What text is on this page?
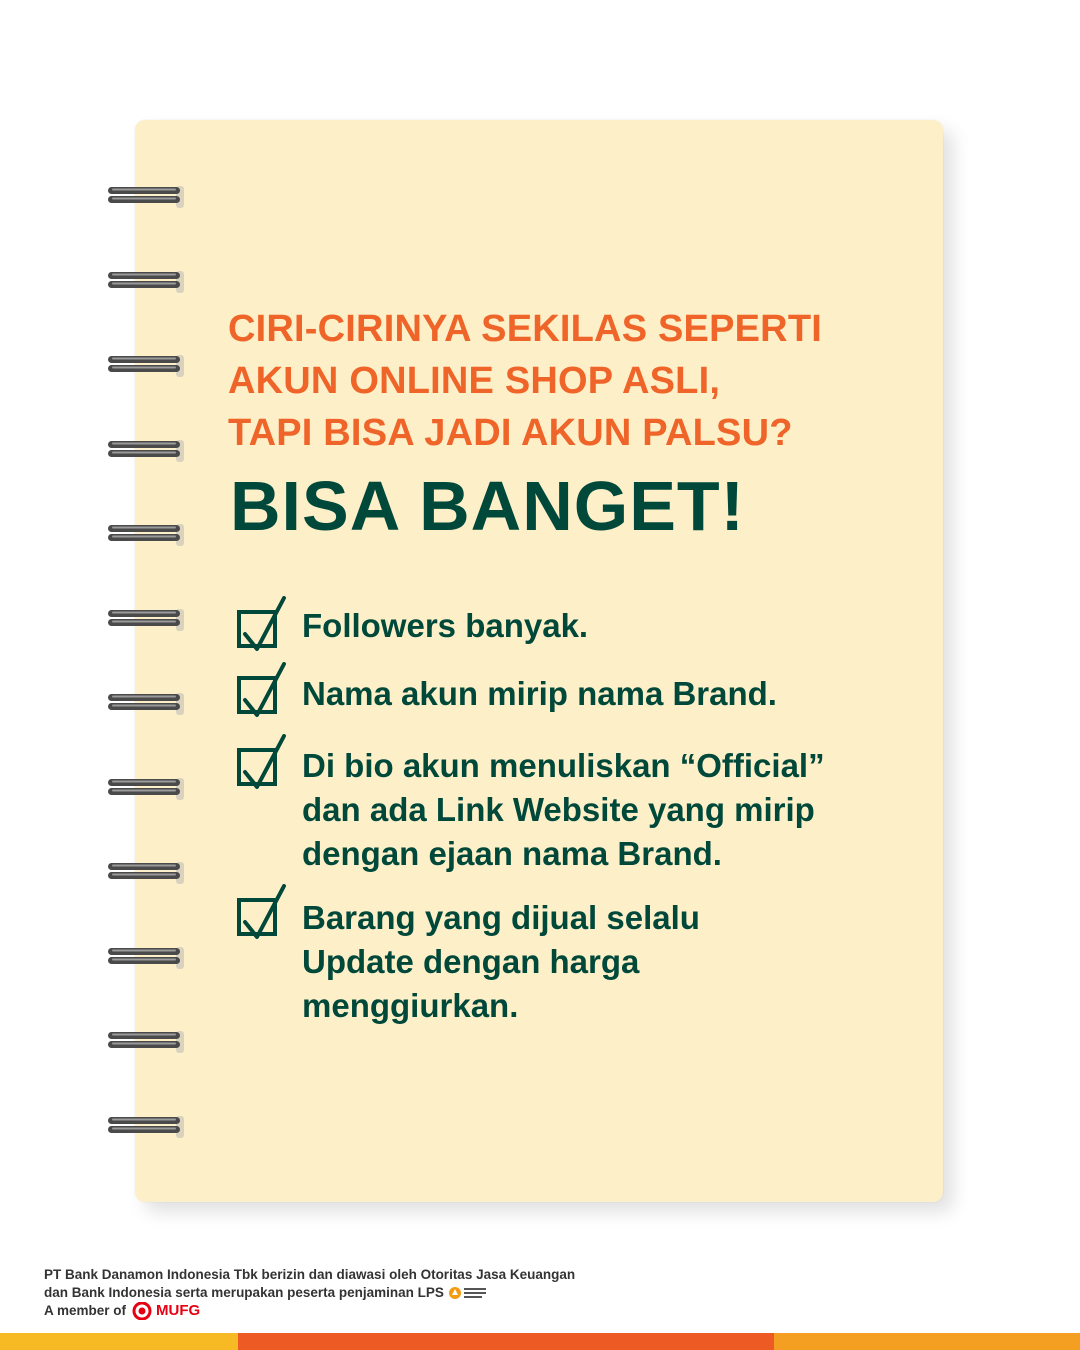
CIRI-CIRINYA SEKILAS SEPERTI
AKUN ONLINE SHOP ASLI,
TAPI BISA JADI AKUN PALSU?
BISA BANGET!
Followers banyak.
Nama akun mirip nama Brand.
Di bio akun menuliskan “Official”
dan ada Link Website yang mirip
dengan ejaan nama Brand.
Barang yang dijual selalu
Update dengan harga
menggiurkan.
PT Bank Danamon Indonesia Tbk berizin dan diawasi oleh Otoritas Jasa Keuangan
dan Bank Indonesia serta merupakan peserta penjaminan LPS
A member of MUFG
